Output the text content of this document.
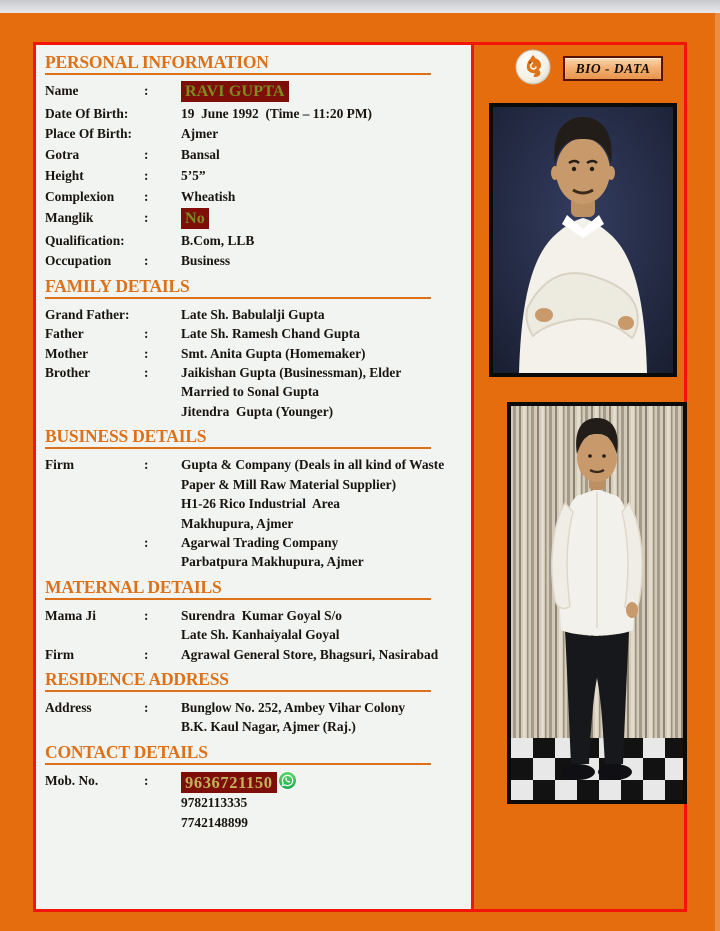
PERSONAL INFORMATION
Name	:	RAVI GUPTA
Date Of Birth:	19  June 1992  (Time – 11:20 PM)
Place Of Birth:	Ajmer
Gotra	:	Bansal
Height	:	5’5”
Complexion	:	Wheatish
Manglik	:	No
Qualification:	B.Com, LLB
Occupation	:	Business
FAMILY DETAILS
Grand Father:	Late Sh. Babulalji Gupta
Father	:	Late Sh. Ramesh Chand Gupta
Mother	:	Smt. Anita Gupta (Homemaker)
Brother	:	Jaikishan Gupta (Businessman), Elder
Married to Sonal Gupta
Jitendra  Gupta (Younger)
BUSINESS DETAILS
Firm	:	Gupta & Company (Deals in all kind of Waste
Paper & Mill Raw Material Supplier)
H1-26 Rico Industrial  Area
Makhupura, Ajmer
:	Agarwal Trading Company
Parbatpura Makhupura, Ajmer
MATERNAL DETAILS
Mama Ji	:	Surendra  Kumar Goyal S/o
Late Sh. Kanhaiyalal Goyal
Firm	:	Agrawal General Store, Bhagsuri, Nasirabad
RESIDENCE ADDRESS
Address	:	Bunglow No. 252, Ambey Vihar Colony
B.K. Kaul Nagar, Ajmer (Raj.)
CONTACT DETAILS
Mob. No.	:	9636721150
9782113335
7742148899
BIO - DATA
